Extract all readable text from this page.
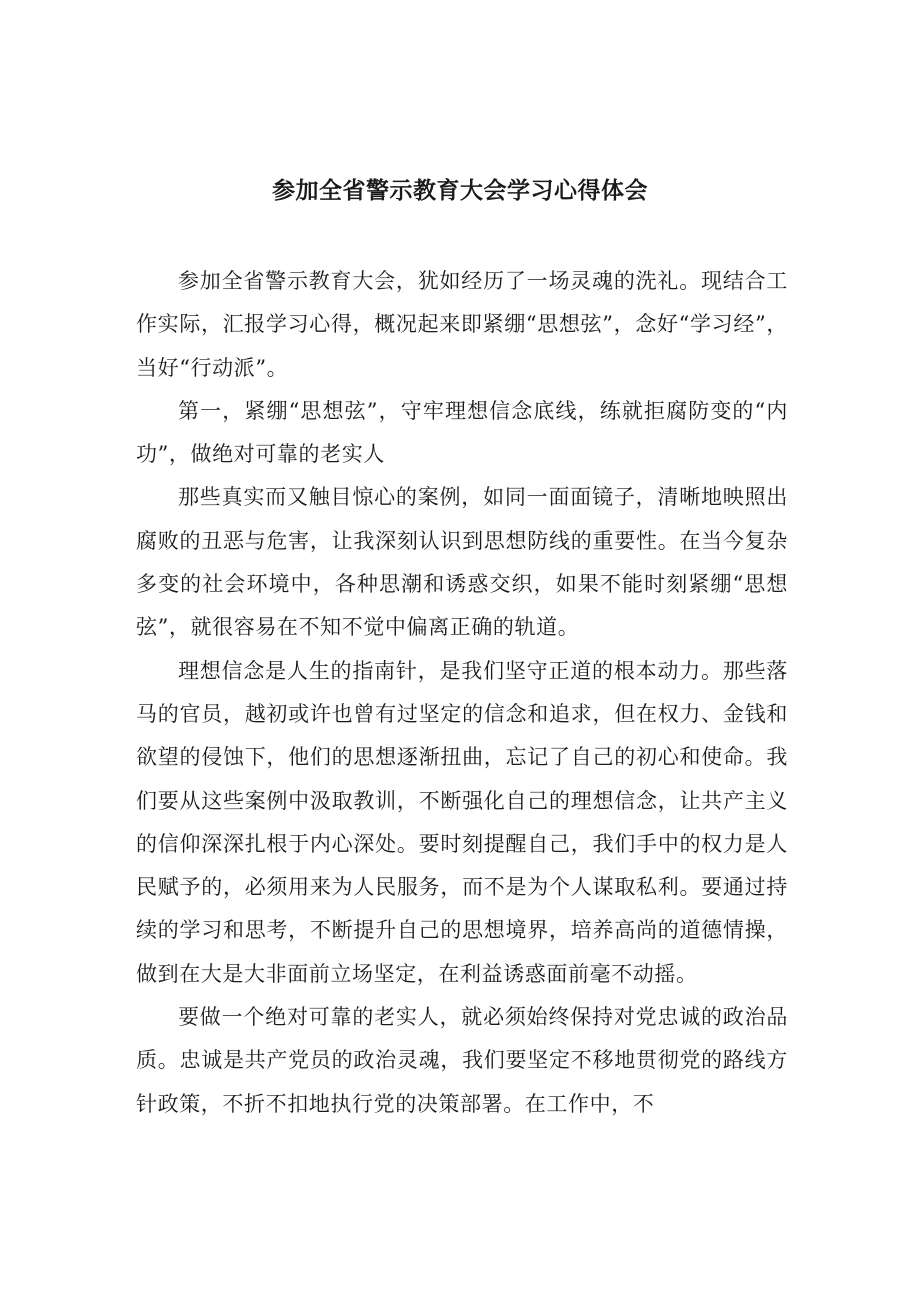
参加全省警示教育大会学习心得体会

参加全省警示教育大会，犹如经历了一场灵魂的洗礼。现结合工作实际，汇报学习心得，概况起来即紧绷“思想弦”，念好“学习经”，当好“行动派”。

第一，紧绷“思想弦”，守牢理想信念底线，练就拒腐防变的“内功”，做绝对可靠的老实人

那些真实而又触目惊心的案例，如同一面面镜子，清晰地映照出腐败的丑恶与危害，让我深刻认识到思想防线的重要性。在当今复杂多变的社会环境中，各种思潮和诱惑交织，如果不能时刻紧绷“思想弦”，就很容易在不知不觉中偏离正确的轨道。

理想信念是人生的指南针，是我们坚守正道的根本动力。那些落马的官员，越初或许也曾有过坚定的信念和追求，但在权力、金钱和欲望的侵蚀下，他们的思想逐渐扭曲，忘记了自己的初心和使命。我们要从这些案例中汲取教训，不断强化自己的理想信念，让共产主义的信仰深深扎根于内心深处。要时刻提醒自己，我们手中的权力是人民赋予的，必须用来为人民服务，而不是为个人谋取私利。要通过持续的学习和思考，不断提升自己的思想境界，培养高尚的道德情操，做到在大是大非面前立场坚定，在利益诱惑面前毫不动摇。

要做一个绝对可靠的老实人，就必须始终保持对党忠诚的政治品质。忠诚是共产党员的政治灵魂，我们要坚定不移地贯彻党的路线方针政策，不折不扣地执行党的决策部署。在工作中，不
